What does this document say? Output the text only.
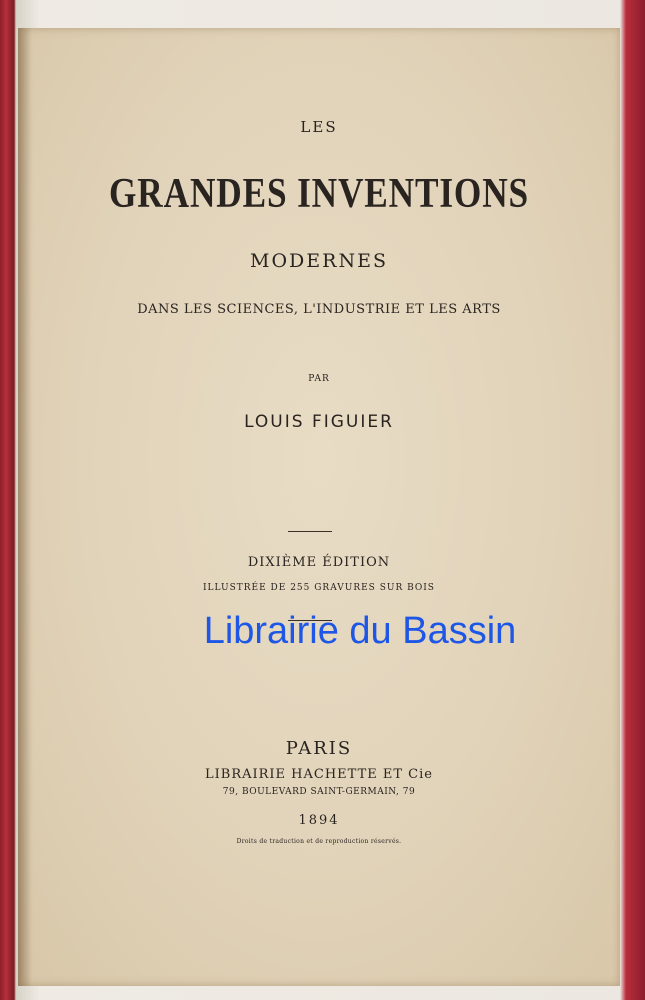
LES
GRANDES INVENTIONS
MODERNES
DANS LES SCIENCES, L'INDUSTRIE ET LES ARTS
PAR
LOUIS FIGUIER
DIXIÈME ÉDITION
ILLUSTRÉE DE 255 GRAVURES SUR BOIS
Librairie du Bassin
PARIS
LIBRAIRIE HACHETTE ET Cie
79, BOULEVARD SAINT-GERMAIN, 79
1894
Droits de traduction et de reproduction réservés.
